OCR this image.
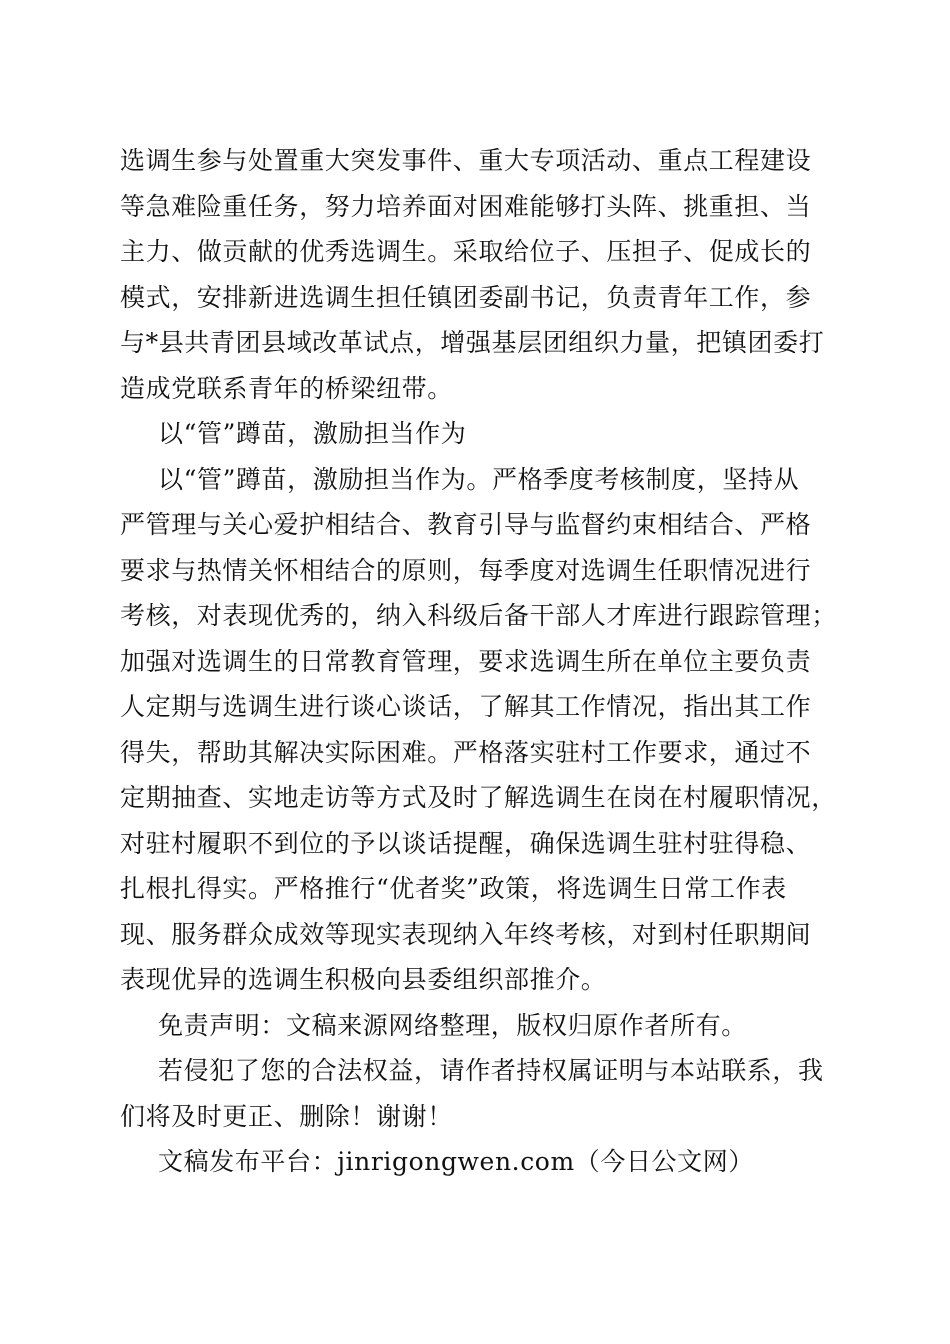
选调生参与处置重大突发事件、重大专项活动、重点工程建设
等急难险重任务，努力培养面对困难能够打头阵、挑重担、当
主力、做贡献的优秀选调生。采取给位子、压担子、促成长的
模式，安排新进选调生担任镇团委副书记，负责青年工作，参
与*县共青团县域改革试点，增强基层团组织力量，把镇团委打
造成党联系青年的桥梁纽带。
以“管”蹲苗，激励担当作为
以“管”蹲苗，激励担当作为。严格季度考核制度，坚持从
严管理与关心爱护相结合、教育引导与监督约束相结合、严格
要求与热情关怀相结合的原则，每季度对选调生任职情况进行
考核，对表现优秀的，纳入科级后备干部人才库进行跟踪管理；
加强对选调生的日常教育管理，要求选调生所在单位主要负责
人定期与选调生进行谈心谈话，了解其工作情况，指出其工作
得失，帮助其解决实际困难。严格落实驻村工作要求，通过不
定期抽查、实地走访等方式及时了解选调生在岗在村履职情况，
对驻村履职不到位的予以谈话提醒，确保选调生驻村驻得稳、
扎根扎得实。严格推行“优者奖”政策，将选调生日常工作表
现、服务群众成效等现实表现纳入年终考核，对到村任职期间
表现优异的选调生积极向县委组织部推介。
免责声明：文稿来源网络整理，版权归原作者所有。
若侵犯了您的合法权益，请作者持权属证明与本站联系，我
们将及时更正、删除！谢谢！
文稿发布平台：jinrigongwen.com（今日公文网）
